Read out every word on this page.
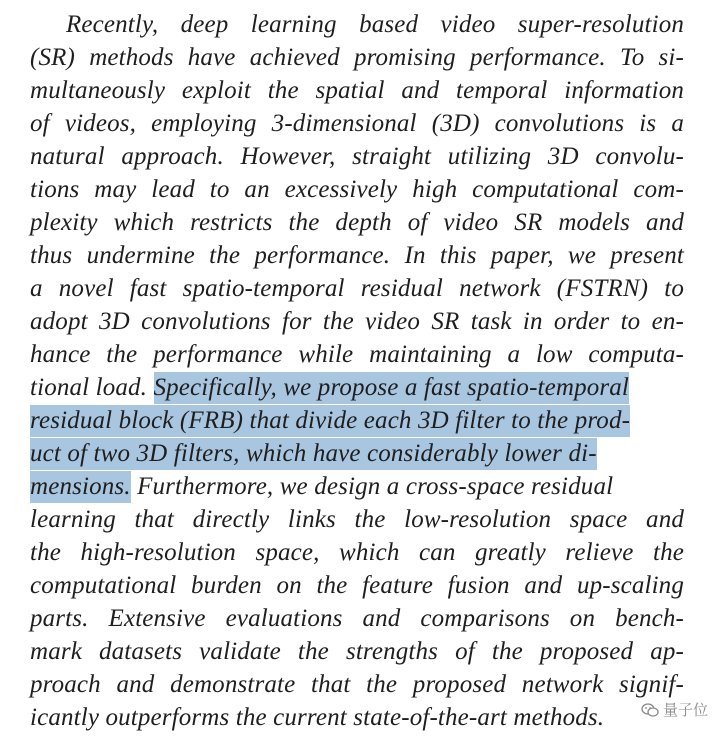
Recently, deep learning based video super-resolution
(SR) methods have achieved promising performance. To si-
multaneously exploit the spatial and temporal information
of videos, employing 3-dimensional (3D) convolutions is a
natural approach. However, straight utilizing 3D convolu-
tions may lead to an excessively high computational com-
plexity which restricts the depth of video SR models and
thus undermine the performance. In this paper, we present
a novel fast spatio-temporal residual network (FSTRN) to
adopt 3D convolutions for the video SR task in order to en-
hance the performance while maintaining a low computa-
tional load. Specifically, we propose a fast spatio-temporal
residual block (FRB) that divide each 3D filter to the prod-
uct of two 3D filters, which have considerably lower di-
mensions. Furthermore, we design a cross-space residual
learning that directly links the low-resolution space and
the high-resolution space, which can greatly relieve the
computational burden on the feature fusion and up-scaling
parts. Extensive evaluations and comparisons on bench-
mark datasets validate the strengths of the proposed ap-
proach and demonstrate that the proposed network signif-
icantly outperforms the current state-of-the-art methods.	量子位
